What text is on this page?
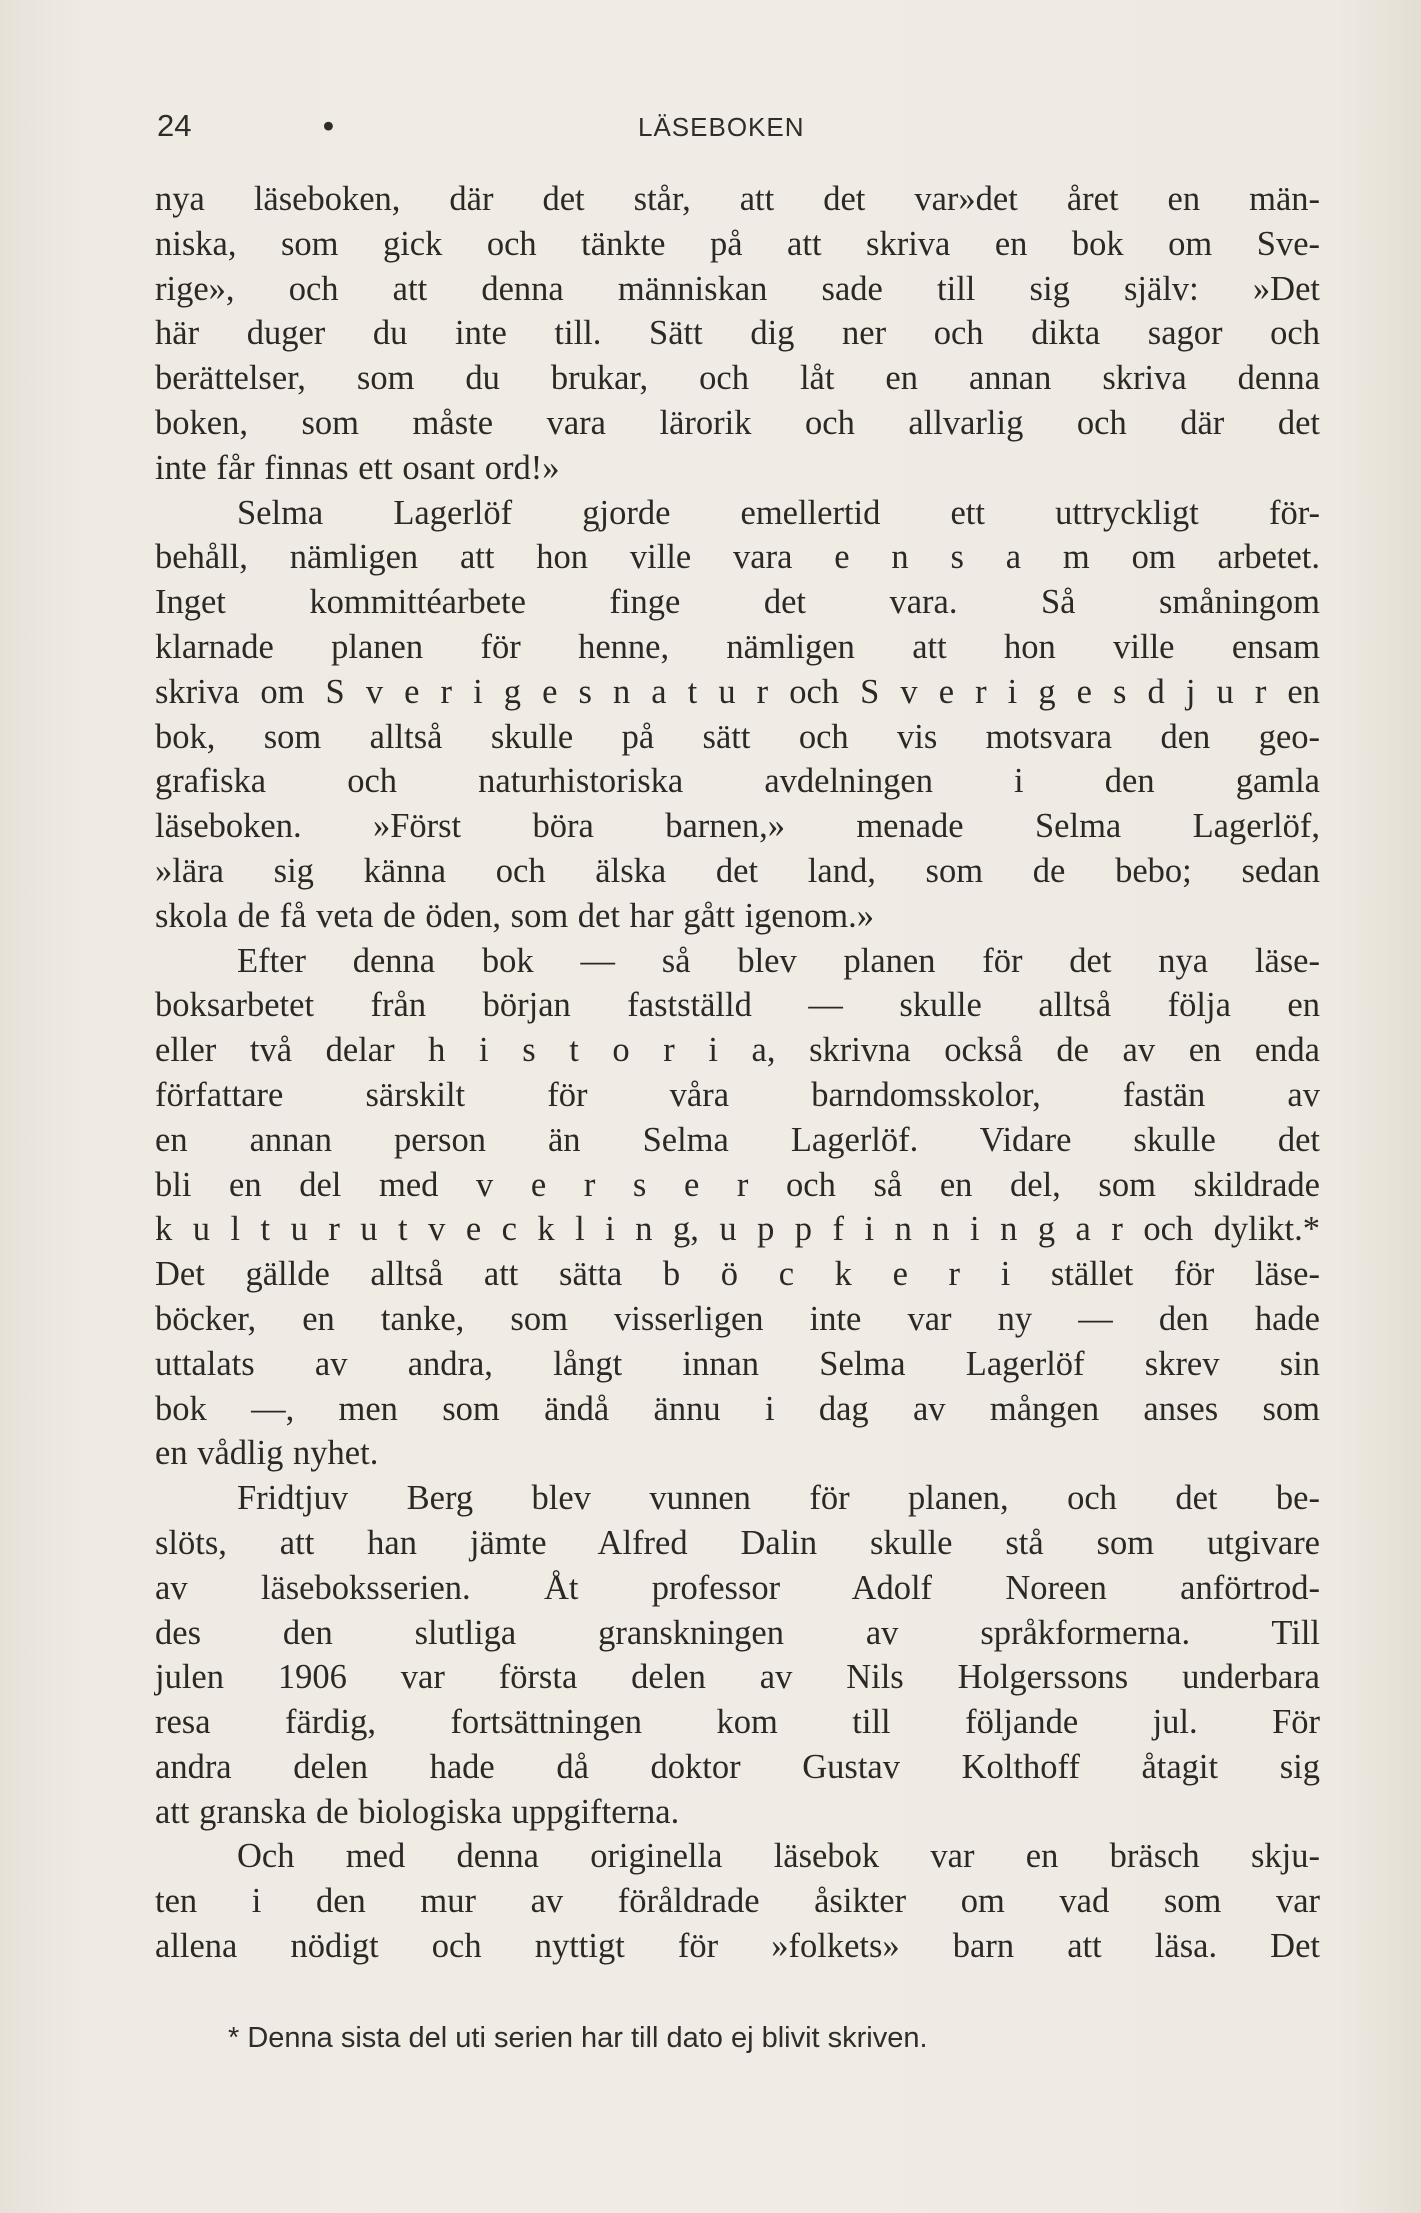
24	•	LÄSEBOKEN
nya läseboken, där det står, att det var»det året en män-
niska, som gick och tänkte på att skriva en bok om Sve-
rige», och att denna människan sade till sig själv: »Det
här duger du inte till. Sätt dig ner och dikta sagor och
berättelser, som du brukar, och låt en annan skriva denna
boken, som måste vara lärorik och allvarlig och där det
inte får finnas ett osant ord!»
Selma Lagerlöf gjorde emellertid ett uttryckligt för-
behåll, nämligen att hon ville vara e n s a m om arbetet.
Inget kommittéarbete finge det vara. Så småningom
klarnade planen för henne, nämligen att hon ville ensam
skriva om S v e r i g e s n a t u r och S v e r i g e s d j u r en
bok, som alltså skulle på sätt och vis motsvara den geo-
grafiska och naturhistoriska avdelningen i den gamla
läseboken. »Först böra barnen,» menade Selma Lagerlöf,
»lära sig känna och älska det land, som de bebo; sedan
skola de få veta de öden, som det har gått igenom.»
Efter denna bok — så blev planen för det nya läse-
boksarbetet från början fastställd — skulle alltså följa en
eller två delar h i s t o r i a, skrivna också de av en enda
författare särskilt för våra barndomsskolor, fastän av
en annan person än Selma Lagerlöf. Vidare skulle det
bli en del med v e r s e r och så en del, som skildrade
k u l t u r u t v e c k l i n g, u p p f i n n i n g a r och dylikt.*
Det gällde alltså att sätta b ö c k e r i stället för läse-
böcker, en tanke, som visserligen inte var ny — den hade
uttalats av andra, långt innan Selma Lagerlöf skrev sin
bok —, men som ändå ännu i dag av mången anses som
en vådlig nyhet.
Fridtjuv Berg blev vunnen för planen, och det be-
slöts, att han jämte Alfred Dalin skulle stå som utgivare
av läseboksserien. Åt professor Adolf Noreen anförtrod-
des den slutliga granskningen av språkformerna. Till
julen 1906 var första delen av Nils Holgerssons underbara
resa färdig, fortsättningen kom till följande jul. För
andra delen hade då doktor Gustav Kolthoff åtagit sig
att granska de biologiska uppgifterna.
Och med denna originella läsebok var en bräsch skju-
ten i den mur av föråldrade åsikter om vad som var
allena nödigt och nyttigt för »folkets» barn att läsa. Det
* Denna sista del uti serien har till dato ej blivit skriven.
